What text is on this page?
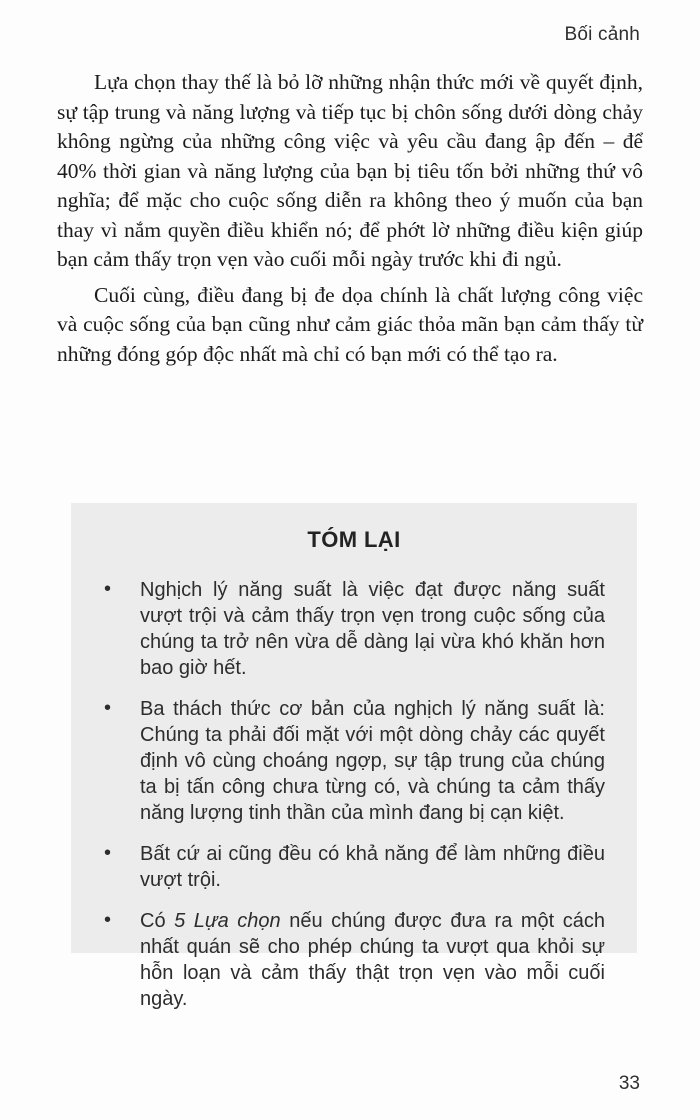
Bối cảnh

Lựa chọn thay thế là bỏ lỡ những nhận thức mới về quyết định, sự tập trung và năng lượng và tiếp tục bị chôn sống dưới dòng chảy không ngừng của những công việc và yêu cầu đang ập đến – để 40% thời gian và năng lượng của bạn bị tiêu tốn bởi những thứ vô nghĩa; để mặc cho cuộc sống diễn ra không theo ý muốn của bạn thay vì nắm quyền điều khiển nó; để phớt lờ những điều kiện giúp bạn cảm thấy trọn vẹn vào cuối mỗi ngày trước khi đi ngủ.

Cuối cùng, điều đang bị đe dọa chính là chất lượng công việc và cuộc sống của bạn cũng như cảm giác thỏa mãn bạn cảm thấy từ những đóng góp độc nhất mà chỉ có bạn mới có thể tạo ra.

TÓM LẠI
• Nghịch lý năng suất là việc đạt được năng suất vượt trội và cảm thấy trọn vẹn trong cuộc sống của chúng ta trở nên vừa dễ dàng lại vừa khó khăn hơn bao giờ hết.
• Ba thách thức cơ bản của nghịch lý năng suất là: Chúng ta phải đối mặt với một dòng chảy các quyết định vô cùng choáng ngợp, sự tập trung của chúng ta bị tấn công chưa từng có, và chúng ta cảm thấy năng lượng tinh thần của mình đang bị cạn kiệt.
• Bất cứ ai cũng đều có khả năng để làm những điều vượt trội.
• Có 5 Lựa chọn nếu chúng được đưa ra một cách nhất quán sẽ cho phép chúng ta vượt qua khỏi sự hỗn loạn và cảm thấy thật trọn vẹn vào mỗi cuối ngày.
33
